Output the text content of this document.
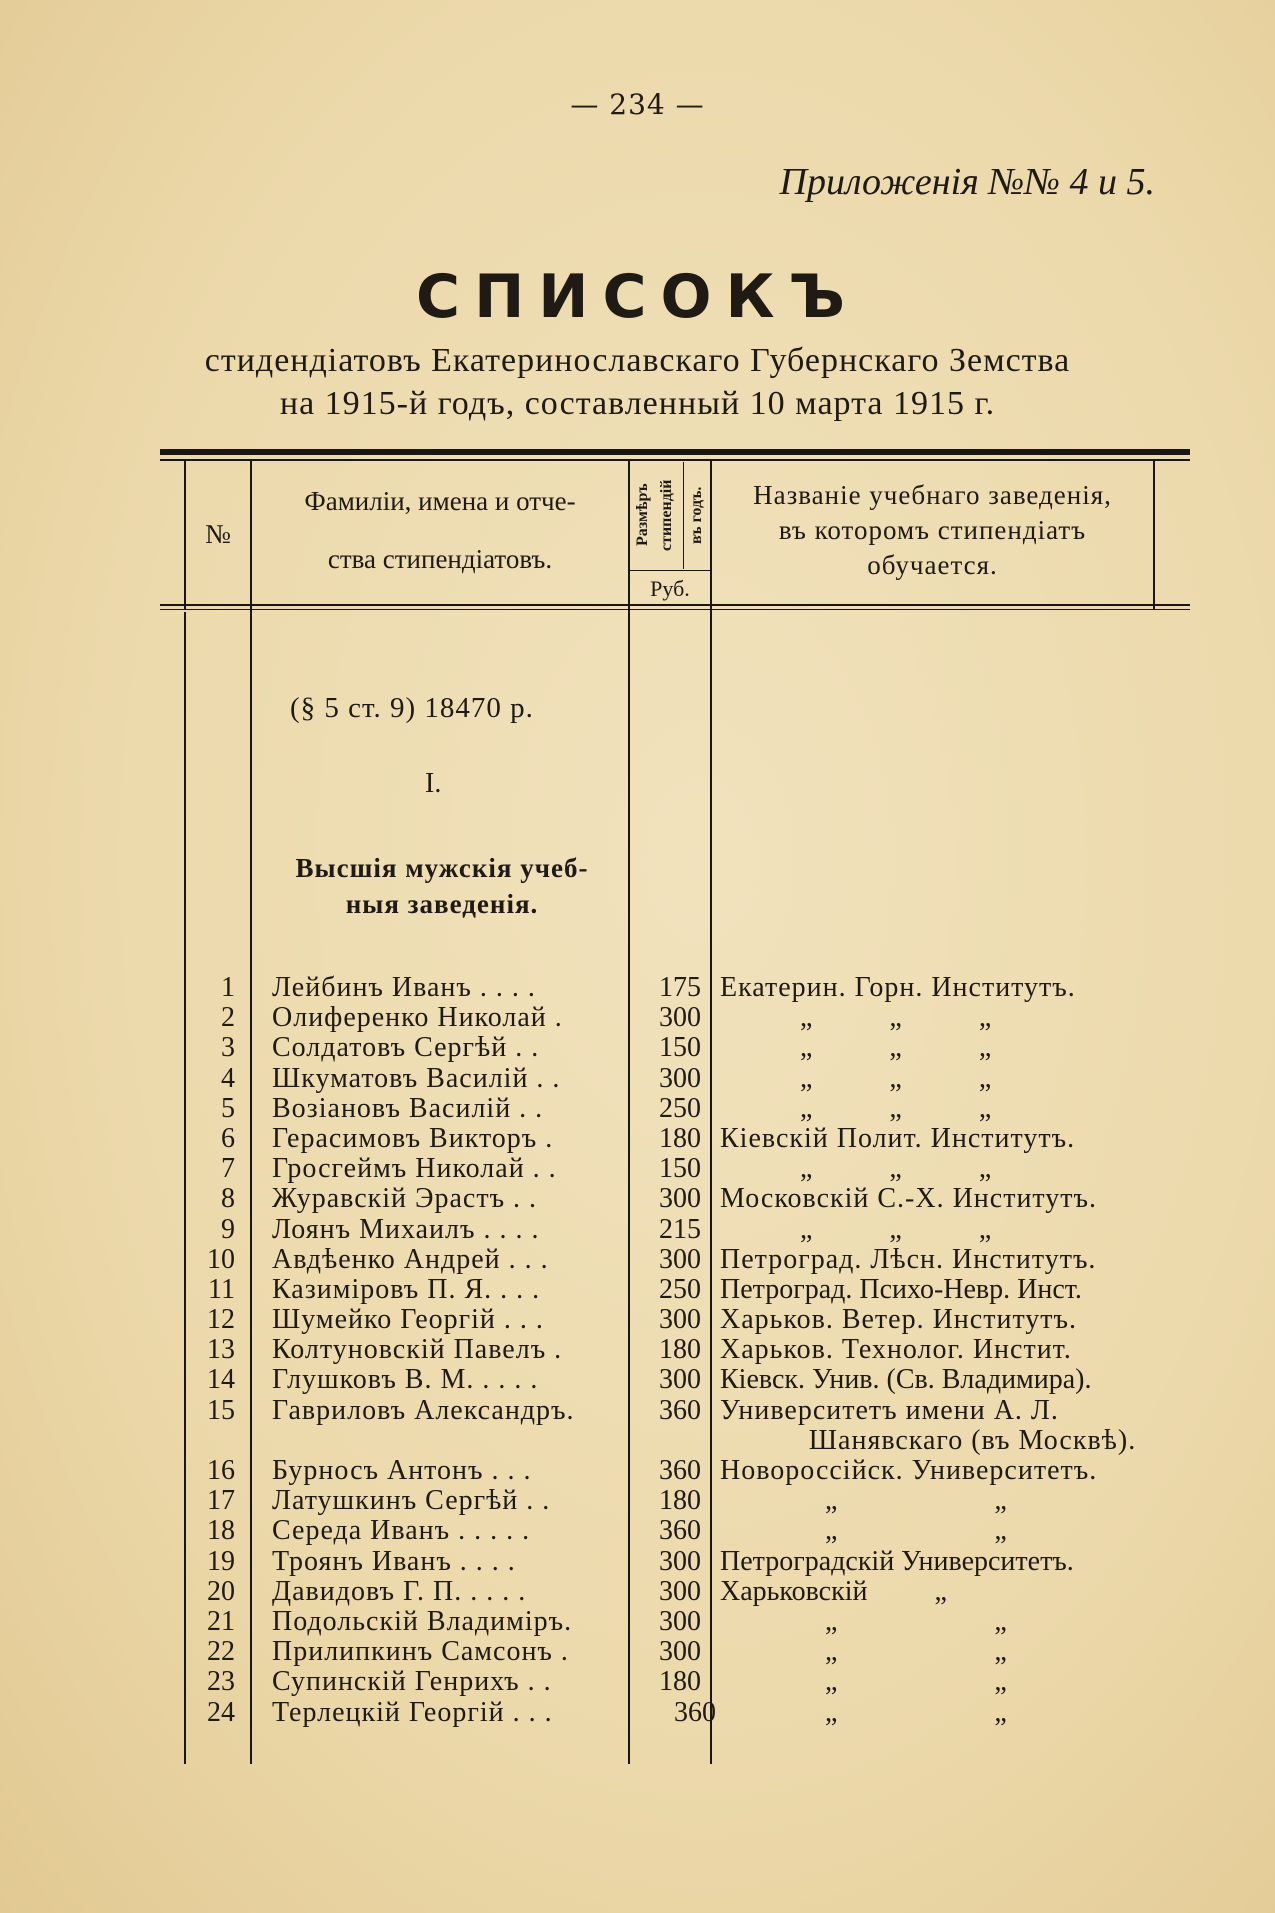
— 234 —
Приложенія №№ 4 и 5.
СПИСОКЪ
стидендіатовъ Екатеринославскаго Губернскаго Земства
на 1915-й годъ, составленный 10 марта 1915 г.
№
Фамиліи, имена и отче-
ства стипендіатовъ.
Размѣръ стипендій въ годъ.
Руб.
Названіе учебнаго заведенія,
въ которомъ стипендіатъ
обучается.
(§ 5 ст. 9) 18470 р.
I.
Высшія мужскія учеб-
ныя заведенія.
1 Лейбинъ Иванъ . . . .	175 Екатерин. Горн. Институтъ.
2 Олиференко Николай .	300	„ „ „
3 Солдатовъ Сергѣй . .	150	„ „ „
4 Шкуматовъ Василій . .	300	„ „ „
5 Возіановъ Василій . .	250	„ „ „
6 Герасимовъ Викторъ .	180 Кіевскій Полит. Институтъ.
7 Гросгеймъ Николай . .	150	„ „ „
8 Журавскій Эрастъ . .	300 Московскій С.-Х. Институтъ.
9 Лоянъ Михаилъ . . . .	215	„ „ „
10 Авдѣенко Андрей . . .	300 Петроград. Лѣсн. Институтъ.
11 Казиміровъ П. Я. . . .	250 Петроград. Психо-Невр. Инст.
12 Шумейко Георгій . . .	300 Харьков. Ветер. Институтъ.
13 Колтуновскій Павелъ .	180 Харьков. Технолог. Инстит.
14 Глушковъ В. М. . . . .	300 Кіевск. Унив. (Св. Владимира).
15 Гавриловъ Александръ.	360 Университетъ имени А. Л.
Шанявскаго (въ Москвѣ).
16 Бурносъ Антонъ . . .	360 Новороссійск. Университетъ.
17 Латушкинъ Сергѣй . .	180	„ „
18 Середа Иванъ . . . . .	360	„ „
19 Троянъ Иванъ . . . .	300 Петроградскій Университетъ.
20 Давидовъ Г. П. . . . .	300 Харьковскій „
21 Подольскій Владиміръ.	300	„ „
22 Прилипкинъ Самсонъ .	300	„ „
23 Супинскій Генрихъ . .	180	„ „
24 Терлецкій Георгій . . .	360	„ „
